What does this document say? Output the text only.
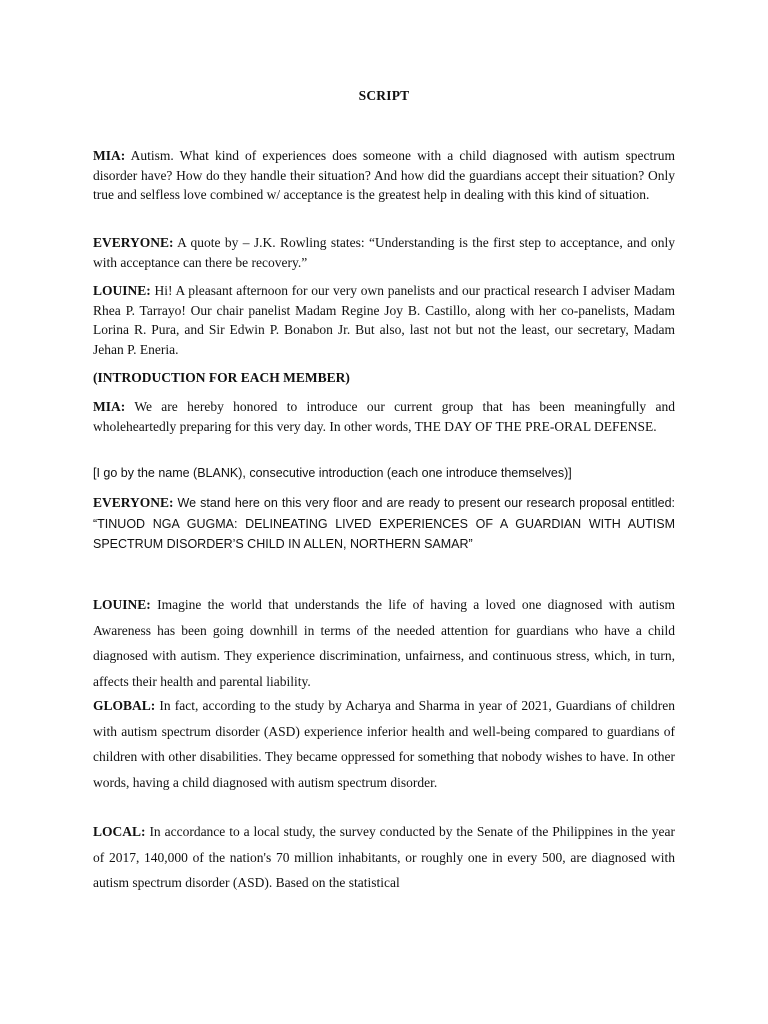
SCRIPT

MIA: Autism. What kind of experiences does someone with a child diagnosed with autism spectrum disorder have? How do they handle their situation? And how did the guardians accept their situation? Only true and selfless love combined w/ acceptance is the greatest help in dealing with this kind of situation.

EVERYONE: A quote by – J.K. Rowling states: “Understanding is the first step to acceptance, and only with acceptance can there be recovery.”

LOUINE: Hi! A pleasant afternoon for our very own panelists and our practical research I adviser Madam Rhea P. Tarrayo! Our chair panelist Madam Regine Joy B. Castillo, along with her co-panelists, Madam Lorina R. Pura, and Sir Edwin P. Bonabon Jr. But also, last not but not the least, our secretary, Madam Jehan P. Eneria.

(INTRODUCTION FOR EACH MEMBER)

MIA: We are hereby honored to introduce our current group that has been meaningfully and wholeheartedly preparing for this very day. In other words, THE DAY OF THE PRE-ORAL DEFENSE.

[I go by the name (BLANK), consecutive introduction (each one introduce themselves)]

EVERYONE: We stand here on this very floor and are ready to present our research proposal entitled: “TINUOD NGA GUGMA: DELINEATING LIVED EXPERIENCES OF A GUARDIAN WITH AUTISM SPECTRUM DISORDER’S CHILD IN ALLEN, NORTHERN SAMAR”

LOUINE: Imagine the world that understands the life of having a loved one diagnosed with autism Awareness has been going downhill in terms of the needed attention for guardians who have a child diagnosed with autism. They experience discrimination, unfairness, and continuous stress, which, in turn, affects their health and parental liability.

GLOBAL: In fact, according to the study by Acharya and Sharma in year of 2021, Guardians of children with autism spectrum disorder (ASD) experience inferior health and well-being compared to guardians of children with other disabilities. They became oppressed for something that nobody wishes to have. In other words, having a child diagnosed with autism spectrum disorder.

LOCAL: In accordance to a local study, the survey conducted by the Senate of the Philippines in the year of 2017, 140,000 of the nation's 70 million inhabitants, or roughly one in every 500, are diagnosed with autism spectrum disorder (ASD). Based on the statistical
